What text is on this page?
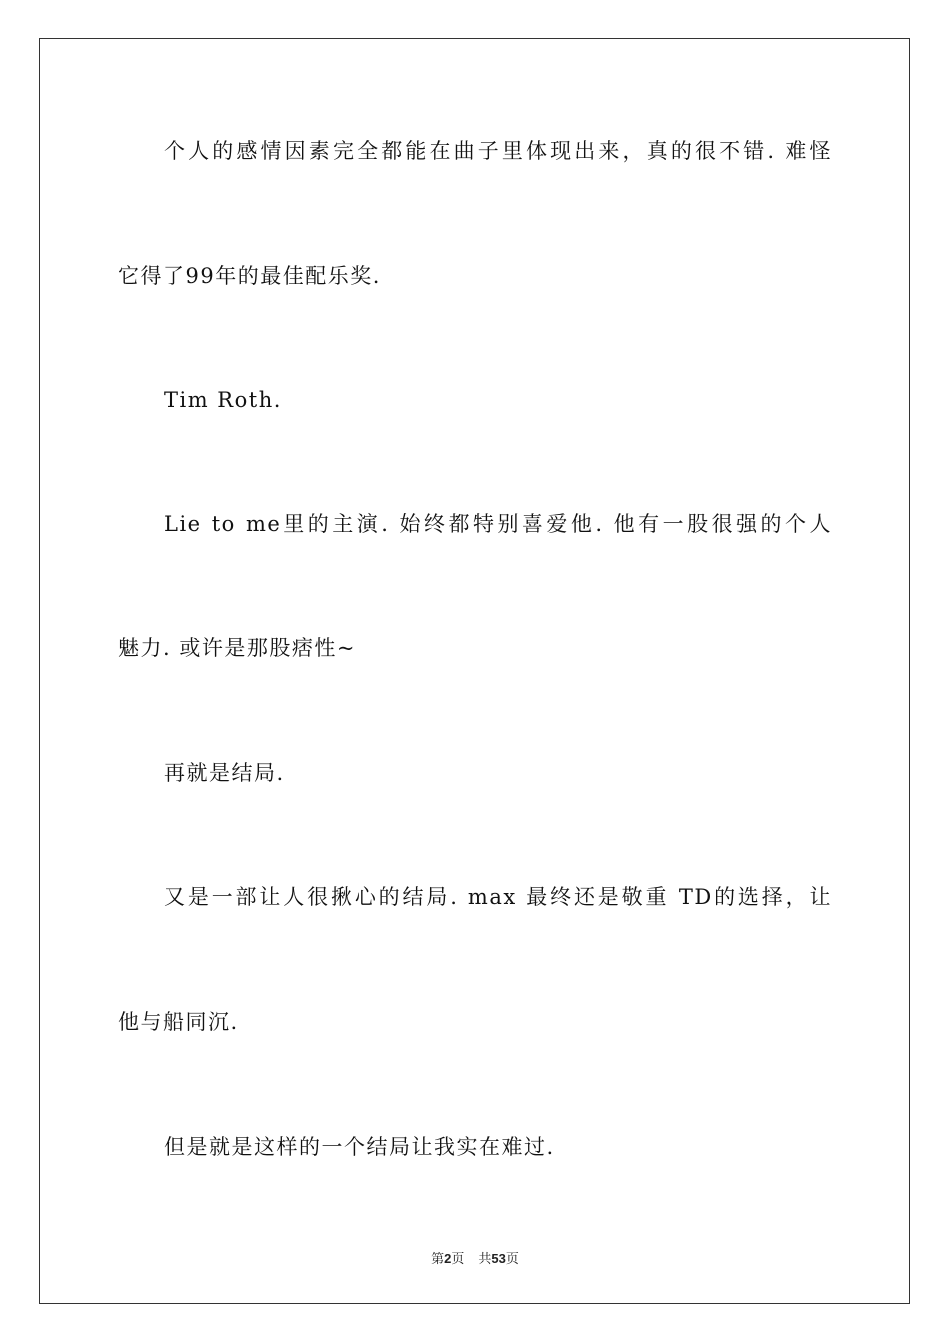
个人的感情因素完全都能在曲子里体现出来，真的很不错. 难怪
它得了99年的最佳配乐奖.
Tim Roth.
Lie to me里的主演. 始终都特别喜爱他. 他有一股很强的个人
魅力. 或许是那股痞性~
再就是结局.
又是一部让人很揪心的结局. max 最终还是敬重 TD的选择，让
他与船同沉.
但是就是这样的一个结局让我实在难过.
第2页 共53页
